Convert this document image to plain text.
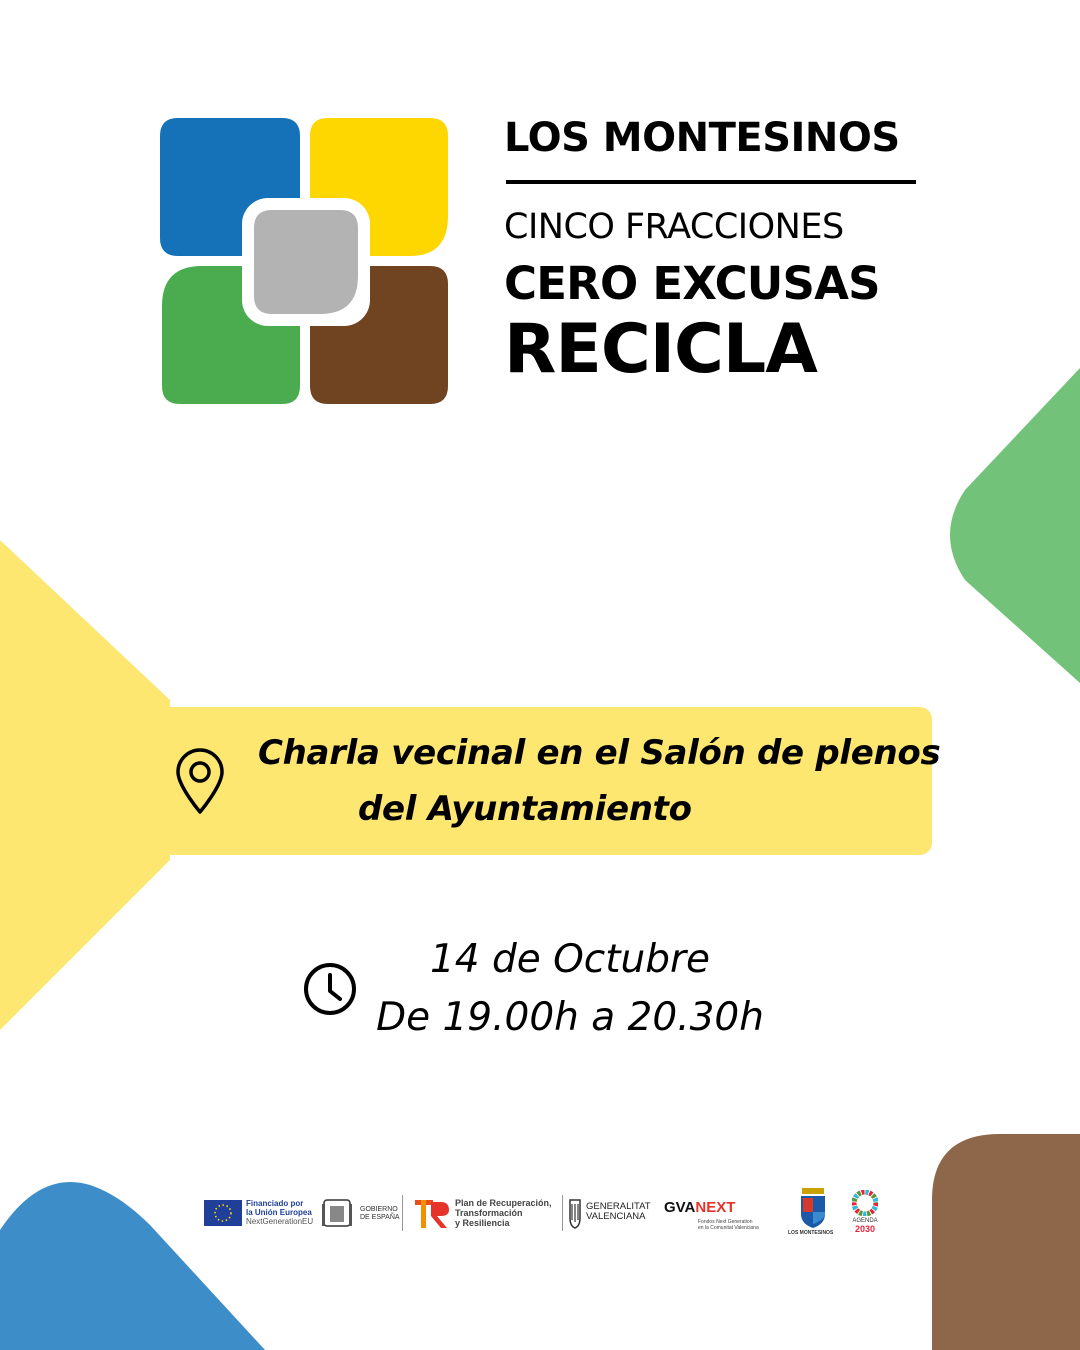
LOS MONTESINOS
CINCO FRACCIONES
CERO EXCUSAS
RECICLA
Charla vecinal en el Salón de plenos
del Ayuntamiento
14 de Octubre
De 19.00h a 20.30h
Financiado por
la Unión Europea
NextGenerationEU
GOBIERNO
DE ESPAÑA
Plan de Recuperación,
Transformación
y Resiliencia
GENERALITAT
VALENCIANA
GVANEXT
Fondos Next Generation
en la Comunitat Valenciana
LOS MONTESINOS
AGENDA
2030
